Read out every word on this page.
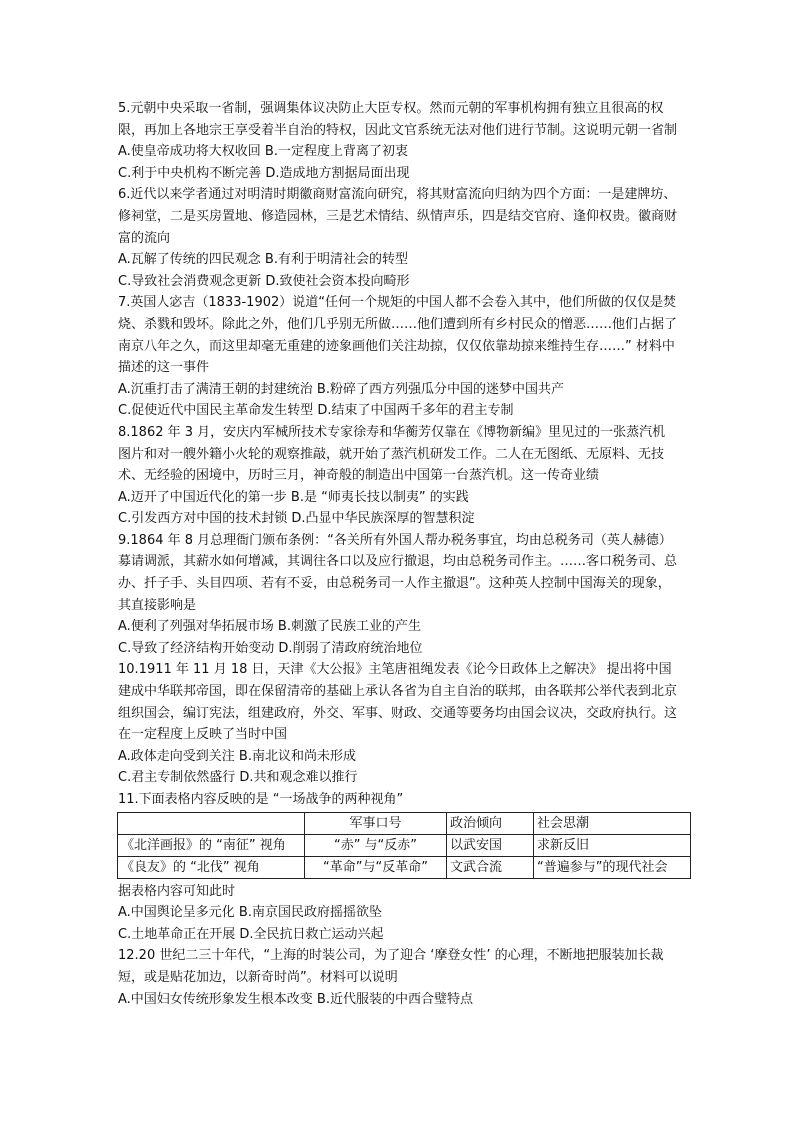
5.元朝中央采取一省制，强调集体议决防止大臣专权。然而元朝的军事机构拥有独立且很高的权限，再加上各地宗王享受着半自治的特权，因此文官系统无法对他们进行节制。这说明元朝一省制

A.使皇帝成功将大权收回 B.一定程度上背离了初衷

C.利于中央机构不断完善 D.造成地方割据局面出现

6.近代以来学者通过对明清时期徽商财富流向研究，将其财富流向归纳为四个方面：一是建牌坊、修祠堂，二是买房置地、修造园林，三是艺术情结、纵情声乐，四是结交官府、逢仰权贵。徽商财富的流向

A.瓦解了传统的四民观念 B.有利于明清社会的转型

C.导致社会消费观念更新 D.致使社会资本投向畸形

7.英国人宓吉（1833-1902）说道“任何一个规矩的中国人都不会卷入其中，他们所做的仅仅是焚烧、杀戮和毁坏。除此之外，他们几乎别无所做……他们遭到所有乡村民众的憎恶……他们占据了南京八年之久，而这里却毫无重建的迹象画他们关注劫掠，仅仅依靠劫掠来维持生存……” 材料中描述的这一事件

A.沉重打击了满清王朝的封建统治 B.粉碎了西方列强瓜分中国的迷梦中国共产

C.促使近代中国民主革命发生转型 D.结束了中国两千多年的君主专制

8.1862 年 3 月，安庆内军械所技术专家徐寿和华蘅芳仅靠在《博物新编》里见过的一张蒸汽机图片和对一艘外籍小火轮的观察推敲，就开始了蒸汽机研发工作。二人在无图纸、无原料、无技术、无经验的困境中，历时三月，神奇般的制造出中国第一台蒸汽机。这一传奇业绩

A.迈开了中国近代化的第一步 B.是 “师夷长技以制夷” 的实践

C.引发西方对中国的技术封锁 D.凸显中华民族深厚的智慧积淀

9.1864 年 8 月总理衙门颁布条例：“各关所有外国人帮办税务事宜，均由总税务司（英人赫德）募请调派，其薪水如何增减，其调往各口以及应行撤退，均由总税务司作主。……客口税务司、总办、扦子手、头目四项、若有不妥，由总税务司一人作主撤退”。这种英人控制中国海关的现象，其直接影响是

A.便利了列强对华拓展市场 B.刺激了民族工业的产生

C.导致了经济结构开始变动 D.削弱了清政府统治地位

10.1911 年 11 月 18 日，天津《大公报》主笔唐祖绳发表《论今日政体上之解决》 提出将中国建成中华联邦帝国，即在保留清帝的基础上承认各省为自主自治的联邦，由各联邦公举代表到北京组织国会，编订宪法，组建政府，外交、军事、财政、交通等要务均由国会议决，交政府执行。这在一定程度上反映了当时中国

A.政体走向受到关注 B.南北议和尚未形成

C.君主专制依然盛行 D.共和观念难以推行

11.下面表格内容反映的是 “一场战争的两种视角”

	军事口号	政治倾向	社会思潮
《北洋画报》的 “南征” 视角	“赤” 与“反赤”	以武安国	求新反旧
《良友》的 “北伐” 视角	“革命”与“反革命”	文武合流	“普遍参与”的现代社会

据表格内容可知此时

A.中国舆论呈多元化 B.南京国民政府摇摇欲坠

C.土地革命正在开展 D.全民抗日救亡运动兴起

12.20 世纪二三十年代，“上海的时装公司，为了迎合 ‘摩登女性’ 的心理，不断地把服装加长裁短，或是贴花加边，以新奇时尚”。材料可以说明

A.中国妇女传统形象发生根本改变 B.近代服装的中西合璧特点
